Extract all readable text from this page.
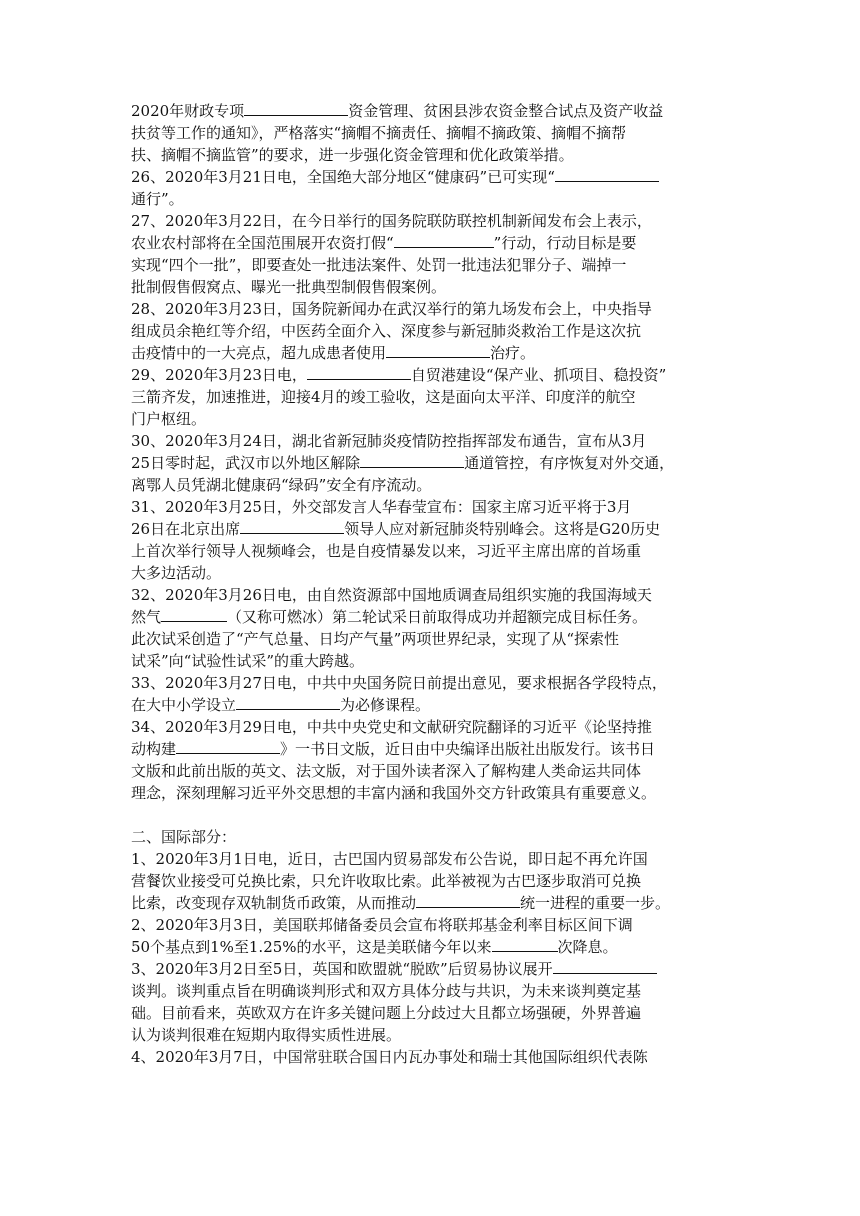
2020年财政专项	资金管理、贫困县涉农资金整合试点及资产收益
扶贫等工作的通知》，严格落实“摘帽不摘责任、摘帽不摘政策、摘帽不摘帮
扶、摘帽不摘监管”的要求，进一步强化资金管理和优化政策举措。
26、2020年3月21日电，全国绝大部分地区“健康码”已可实现“
通行”。
27、2020年3月22日，在今日举行的国务院联防联控机制新闻发布会上表示，
农业农村部将在全国范围展开农资打假“	”行动，行动目标是要
实现“四个一批”，即要查处一批违法案件、处罚一批违法犯罪分子、端掉一
批制假售假窝点、曝光一批典型制假售假案例。
28、2020年3月23日，国务院新闻办在武汉举行的第九场发布会上，中央指导
组成员余艳红等介绍，中医药全面介入、深度参与新冠肺炎救治工作是这次抗
击疫情中的一大亮点，超九成患者使用	治疗。
29、2020年3月23日电，	自贸港建设“保产业、抓项目、稳投资”
三箭齐发，加速推进，迎接4月的竣工验收，这是面向太平洋、印度洋的航空
门户枢纽。
30、2020年3月24日，湖北省新冠肺炎疫情防控指挥部发布通告，宣布从3月
25日零时起，武汉市以外地区解除	通道管控，有序恢复对外交通，
离鄂人员凭湖北健康码“绿码”安全有序流动。
31、2020年3月25日，外交部发言人华春莹宣布：国家主席习近平将于3月
26日在北京出席	领导人应对新冠肺炎特别峰会。这将是G20历史
上首次举行领导人视频峰会，也是自疫情暴发以来，习近平主席出席的首场重
大多边活动。
32、2020年3月26日电，由自然资源部中国地质调查局组织实施的我国海域天
然气	（又称可燃冰）第二轮试采日前取得成功并超额完成目标任务。
此次试采创造了“产气总量、日均产气量”两项世界纪录，实现了从“探索性
试采”向“试验性试采”的重大跨越。
33、2020年3月27日电，中共中央国务院日前提出意见，要求根据各学段特点，
在大中小学设立	为必修课程。
34、2020年3月29日电，中共中央党史和文献研究院翻译的习近平《论坚持推
动构建	》一书日文版，近日由中央编译出版社出版发行。该书日
文版和此前出版的英文、法文版，对于国外读者深入了解构建人类命运共同体
理念，深刻理解习近平外交思想的丰富内涵和我国外交方针政策具有重要意义。
二、国际部分：
1、2020年3月1日电，近日，古巴国内贸易部发布公告说，即日起不再允许国
营餐饮业接受可兑换比索，只允许收取比索。此举被视为古巴逐步取消可兑换
比索，改变现存双轨制货币政策，从而推动	统一进程的重要一步。
2、2020年3月3日，美国联邦储备委员会宣布将联邦基金利率目标区间下调
50个基点到1%至1.25%的水平，这是美联储今年以来	次降息。
3、2020年3月2日至5日，英国和欧盟就“脱欧”后贸易协议展开
谈判。谈判重点旨在明确谈判形式和双方具体分歧与共识，为未来谈判奠定基
础。目前看来，英欧双方在许多关键问题上分歧过大且都立场强硬，外界普遍
认为谈判很难在短期内取得实质性进展。
4、2020年3月7日，中国常驻联合国日内瓦办事处和瑞士其他国际组织代表陈
